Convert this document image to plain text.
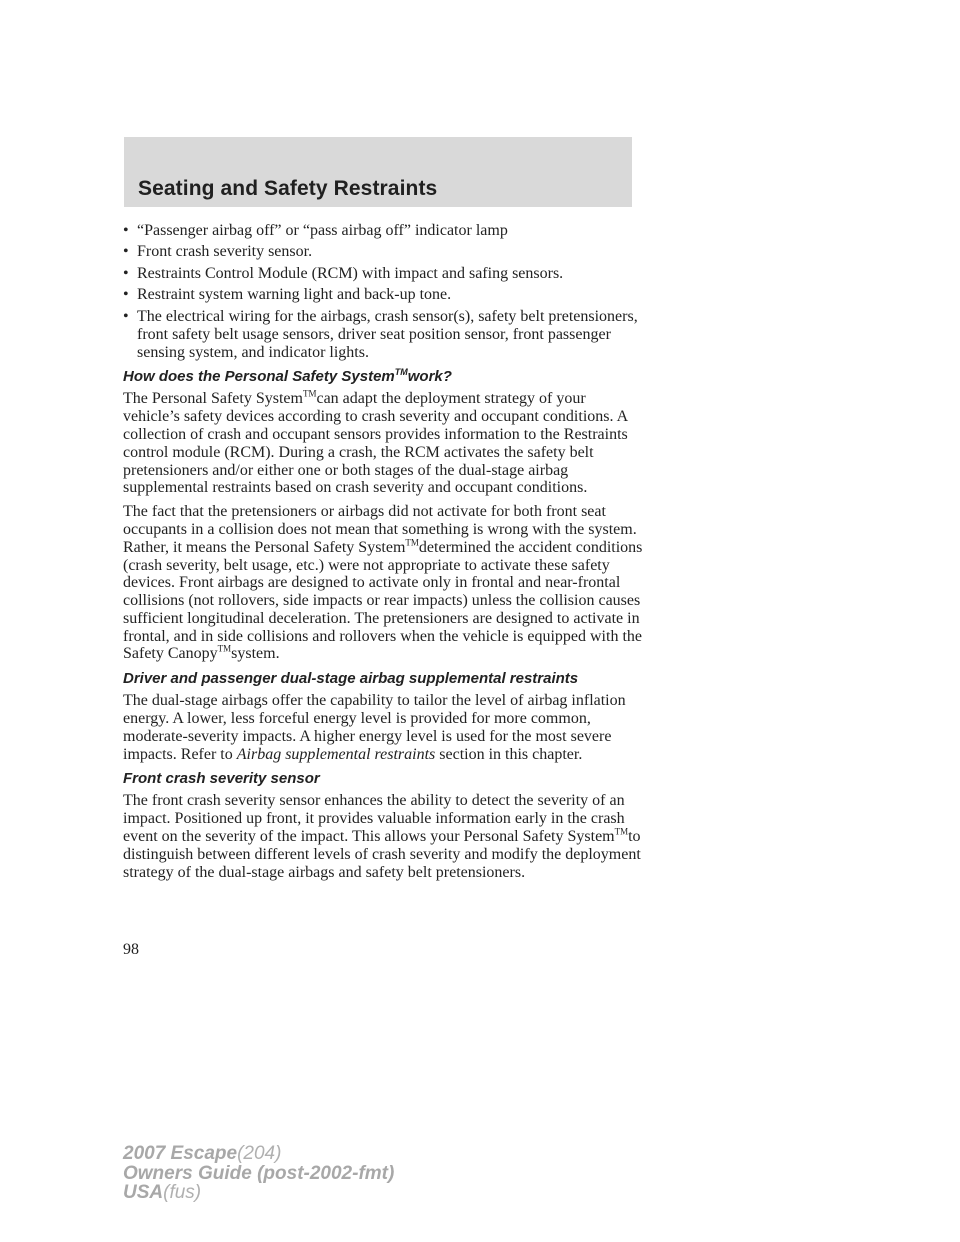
Seating and Safety Restraints
• “Passenger airbag off” or “pass airbag off” indicator lamp
• Front crash severity sensor.
• Restraints Control Module (RCM) with impact and safing sensors.
• Restraint system warning light and back-up tone.
• The electrical wiring for the airbags, crash sensor(s), safety belt pretensioners, front safety belt usage sensors, driver seat position sensor, front passenger sensing system, and indicator lights.
How does the Personal Safety System™work?

The Personal Safety System™can adapt the deployment strategy of your vehicle’s safety devices according to crash severity and occupant conditions. A collection of crash and occupant sensors provides information to the Restraints control module (RCM). During a crash, the RCM activates the safety belt pretensioners and/or either one or both stages of the dual-stage airbag supplemental restraints based on crash severity and occupant conditions.

The fact that the pretensioners or airbags did not activate for both front seat occupants in a collision does not mean that something is wrong with the system. Rather, it means the Personal Safety System™determined the accident conditions (crash severity, belt usage, etc.) were not appropriate to activate these safety devices. Front airbags are designed to activate only in frontal and near-frontal collisions (not rollovers, side impacts or rear impacts) unless the collision causes sufficient longitudinal deceleration. The pretensioners are designed to activate in frontal, and in side collisions and rollovers when the vehicle is equipped with the Safety Canopy™system.

Driver and passenger dual-stage airbag supplemental restraints

The dual-stage airbags offer the capability to tailor the level of airbag inflation energy. A lower, less forceful energy level is provided for more common, moderate-severity impacts. A higher energy level is used for the most severe impacts. Refer to Airbag supplemental restraints section in this chapter.

Front crash severity sensor

The front crash severity sensor enhances the ability to detect the severity of an impact. Positioned up front, it provides valuable information early in the crash event on the severity of the impact. This allows your Personal Safety System™to distinguish between different levels of crash severity and modify the deployment strategy of the dual-stage airbags and safety belt pretensioners.

98
2007 Escape(204)
Owners Guide (post-2002-fmt)
USA(fus)
